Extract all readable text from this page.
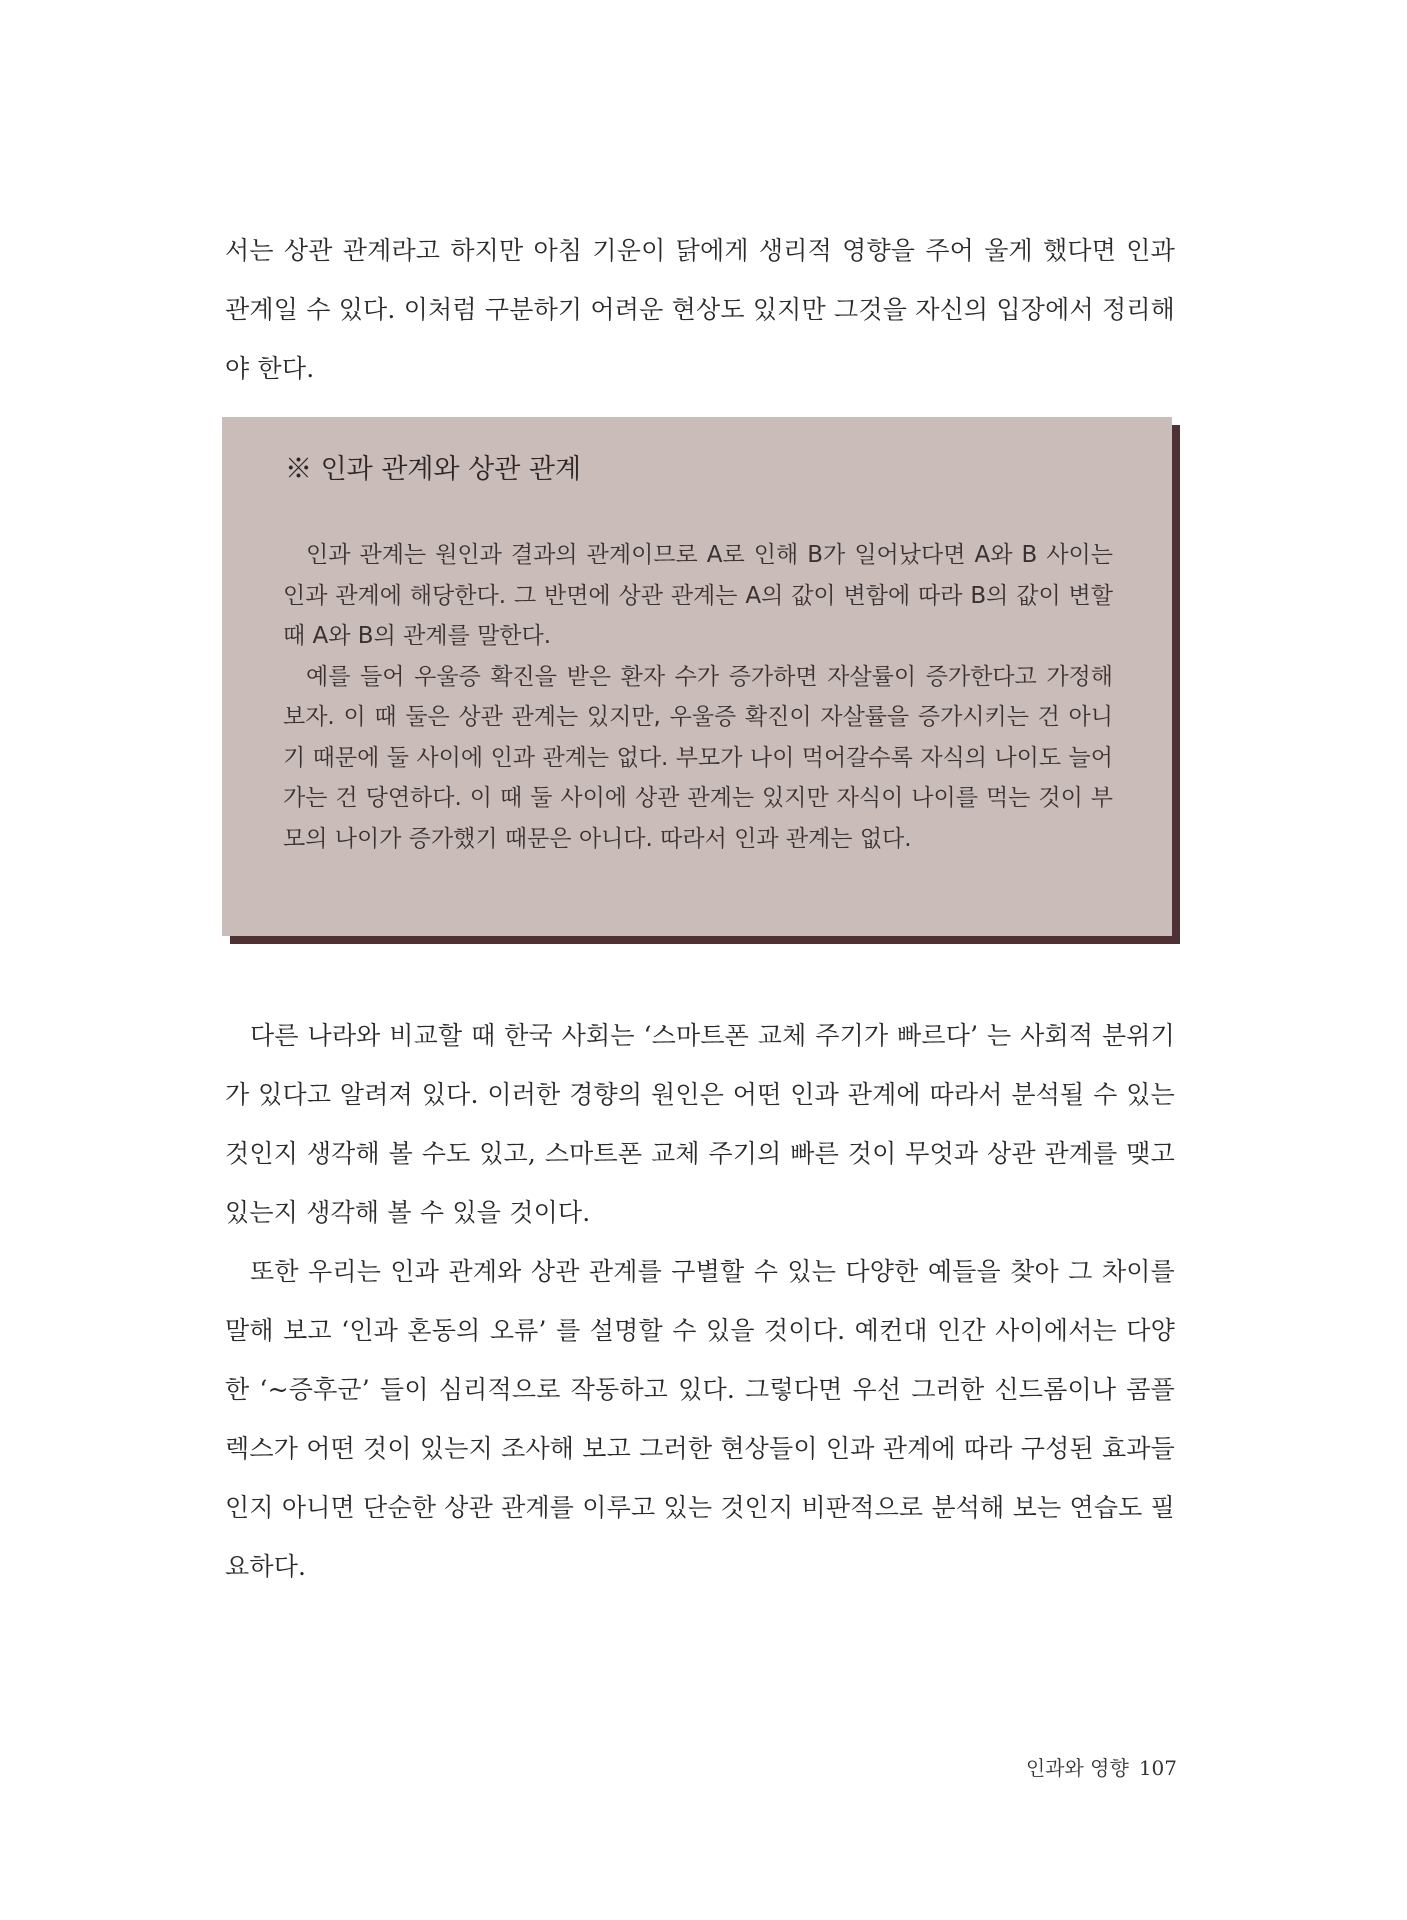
서는 상관 관계라고 하지만 아침 기운이 닭에게 생리적 영향을 주어 울게 했다면 인과 관계일 수 있다. 이처럼 구분하기 어려운 현상도 있지만 그것을 자신의 입장에서 정리해야 한다.

※ 인과 관계와 상관 관계

인과 관계는 원인과 결과의 관계이므로 A로 인해 B가 일어났다면 A와 B 사이는 인과 관계에 해당한다. 그 반면에 상관 관계는 A의 값이 변함에 따라 B의 값이 변할 때 A와 B의 관계를 말한다.

예를 들어 우울증 확진을 받은 환자 수가 증가하면 자살률이 증가한다고 가정해 보자. 이 때 둘은 상관 관계는 있지만, 우울증 확진이 자살률을 증가시키는 건 아니기 때문에 둘 사이에 인과 관계는 없다. 부모가 나이 먹어갈수록 자식의 나이도 늘어가는 건 당연하다. 이 때 둘 사이에 상관 관계는 있지만 자식이 나이를 먹는 것이 부모의 나이가 증가했기 때문은 아니다. 따라서 인과 관계는 없다.

다른 나라와 비교할 때 한국 사회는 ‘스마트폰 교체 주기가 빠르다’ 는 사회적 분위기가 있다고 알려져 있다. 이러한 경향의 원인은 어떤 인과 관계에 따라서 분석될 수 있는 것인지 생각해 볼 수도 있고, 스마트폰 교체 주기의 빠른 것이 무엇과 상관 관계를 맺고 있는지 생각해 볼 수 있을 것이다.

또한 우리는 인과 관계와 상관 관계를 구별할 수 있는 다양한 예들을 찾아 그 차이를 말해 보고 ‘인과 혼동의 오류’ 를 설명할 수 있을 것이다. 예컨대 인간 사이에서는 다양한 ‘~증후군’ 들이 심리적으로 작동하고 있다. 그렇다면 우선 그러한 신드롬이나 콤플렉스가 어떤 것이 있는지 조사해 보고 그러한 현상들이 인과 관계에 따라 구성된 효과들인지 아니면 단순한 상관 관계를 이루고 있는 것인지 비판적으로 분석해 보는 연습도 필요하다.

인과와 영향 107
